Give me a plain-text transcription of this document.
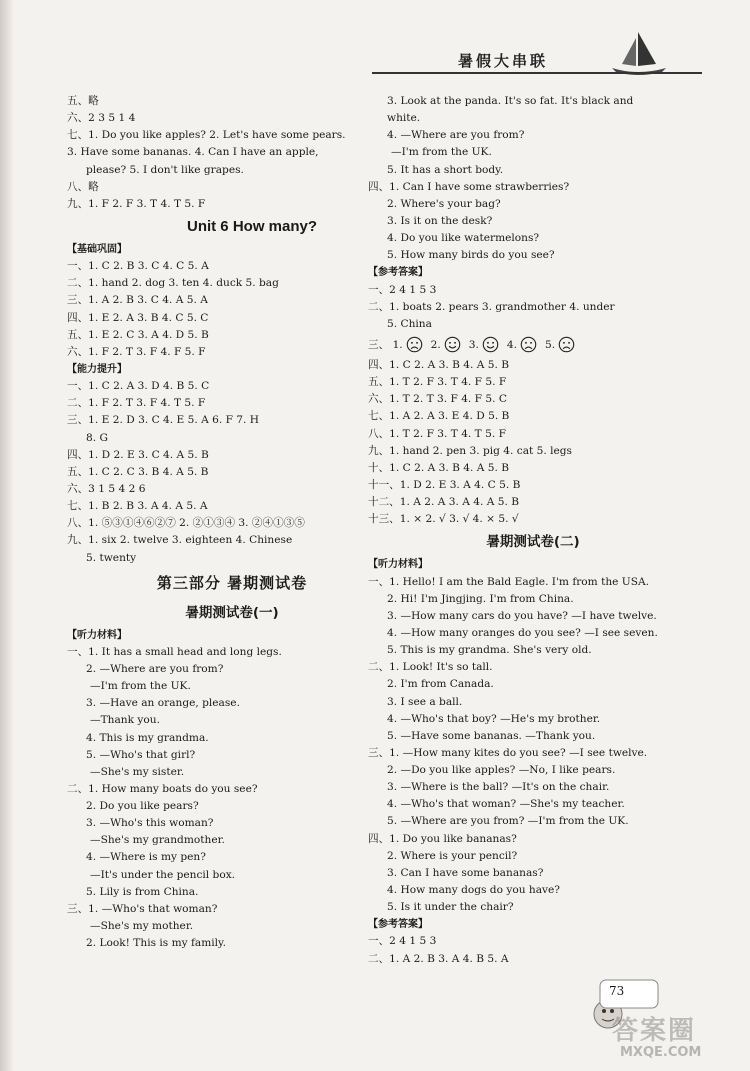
暑假大串联
五、略
六、2 3 5 1 4
七、1. Do you like apples? 2. Let's have some pears.
3. Have some bananas. 4. Can I have an apple,
please? 5. I don't like grapes.
八、略
九、1. F 2. F 3. T 4. T 5. F
Unit 6 How many?
【基础巩固】
一、1. C 2. B 3. C 4. C 5. A
二、1. hand 2. dog 3. ten 4. duck 5. bag
三、1. A 2. B 3. C 4. A 5. A
四、1. E 2. A 3. B 4. C 5. C
五、1. E 2. C 3. A 4. D 5. B
六、1. F 2. T 3. F 4. F 5. F
【能力提升】
一、1. C 2. A 3. D 4. B 5. C
二、1. F 2. T 3. F 4. T 5. F
三、1. E 2. D 3. C 4. E 5. A 6. F 7. H
8. G
四、1. D 2. E 3. C 4. A 5. B
五、1. C 2. C 3. B 4. A 5. B
六、3 1 5 4 2 6
七、1. B 2. B 3. A 4. A 5. A
八、1. ⑤③①④⑥②⑦ 2. ②①③④ 3. ②④①③⑤
九、1. six 2. twelve 3. eighteen 4. Chinese
5. twenty
第三部分 暑期测试卷
暑期测试卷(一)
【听力材料】
一、1. It has a small head and long legs.
2. —Where are you from?
—I'm from the UK.
3. —Have an orange, please.
—Thank you.
4. This is my grandma.
5. —Who's that girl?
—She's my sister.
二、1. How many boats do you see?
2. Do you like pears?
3. —Who's this woman?
—She's my grandmother.
4. —Where is my pen?
—It's under the pencil box.
5. Lily is from China.
三、1. —Who's that woman?
—She's my mother.
2. Look! This is my family.
3. Look at the panda. It's so fat. It's black and
white.
4. —Where are you from?
—I'm from the UK.
5. It has a short body.
四、1. Can I have some strawberries?
2. Where's your bag?
3. Is it on the desk?
4. Do you like watermelons?
5. How many birds do you see?
【参考答案】
一、2 4 1 5 3
二、1. boats 2. pears 3. grandmother 4. under
5. China
三、 1.	2.	3.	4.	5.
四、1. C 2. A 3. B 4. A 5. B
五、1. T 2. F 3. T 4. F 5. F
六、1. T 2. T 3. F 4. F 5. C
七、1. A 2. A 3. E 4. D 5. B
八、1. T 2. F 3. T 4. T 5. F
九、1. hand 2. pen 3. pig 4. cat 5. legs
十、1. C 2. A 3. B 4. A 5. B
十一、1. D 2. E 3. A 4. C 5. B
十二、1. A 2. A 3. A 4. A 5. B
十三、1. × 2. √ 3. √ 4. × 5. √
暑期测试卷(二)
【听力材料】
一、1. Hello! I am the Bald Eagle. I'm from the USA.
2. Hi! I'm Jingjing. I'm from China.
3. —How many cars do you have? —I have twelve.
4. —How many oranges do you see? —I see seven.
5. This is my grandma. She's very old.
二、1. Look! It's so tall.
2. I'm from Canada.
3. I see a ball.
4. —Who's that boy? —He's my brother.
5. —Have some bananas. —Thank you.
三、1. —How many kites do you see? —I see twelve.
2. —Do you like apples? —No, I like pears.
3. —Where is the ball? —It's on the chair.
4. —Who's that woman? —She's my teacher.
5. —Where are you from? —I'm from the UK.
四、1. Do you like bananas?
2. Where is your pencil?
3. Can I have some bananas?
4. How many dogs do you have?
5. Is it under the chair?
【参考答案】
一、2 4 1 5 3
二、1. A 2. B 3. A 4. B 5. A
73
答案圈
MXQE.COM
